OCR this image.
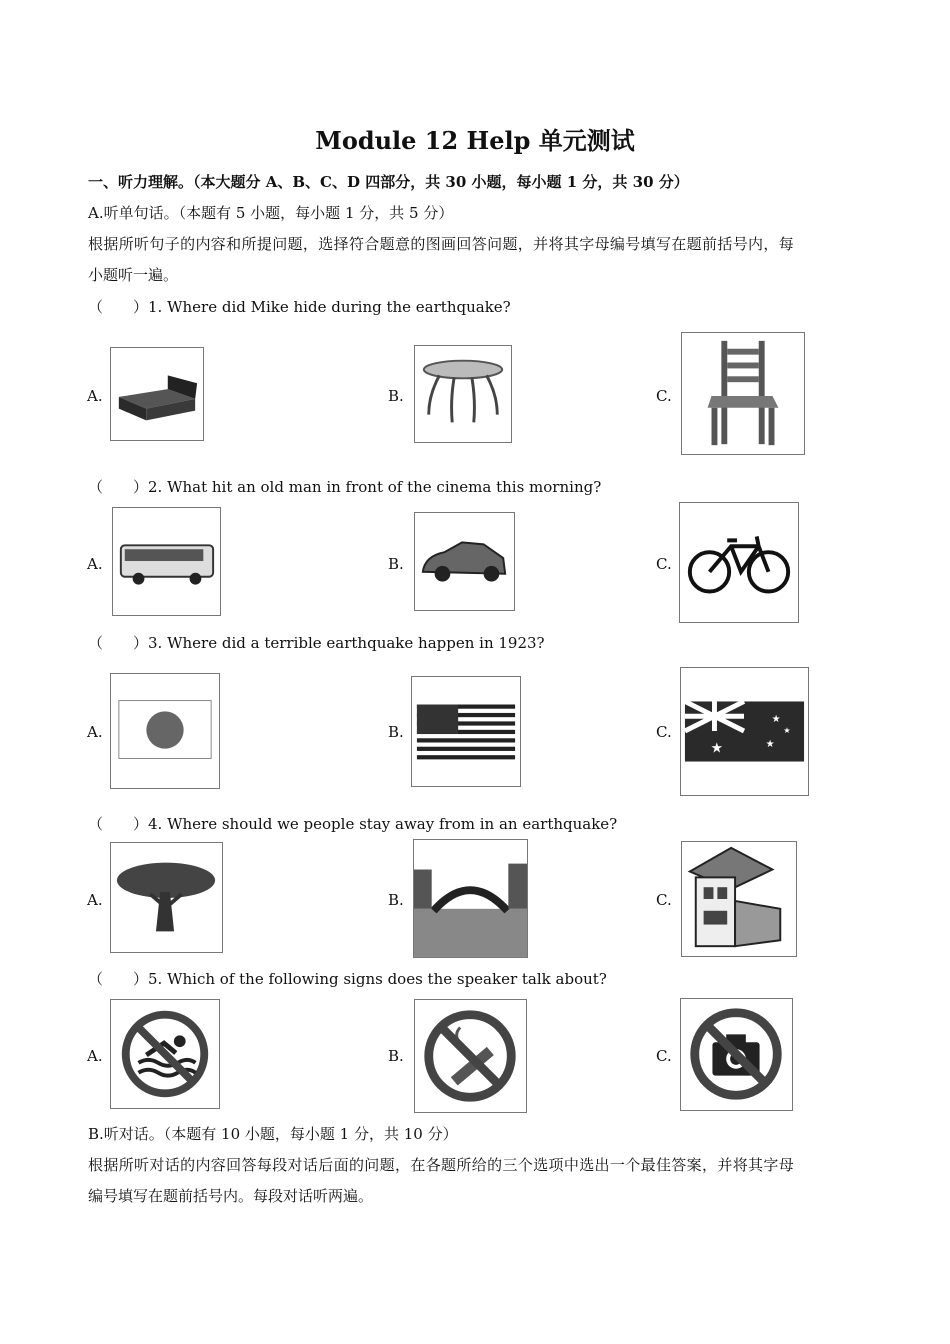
Module 12 Help 单元测试
一、听力理解。（本大题分 A、B、C、D 四部分，共 30 小题，每小题 1 分，共 30 分）
A.听单句话。（本题有 5 小题，每小题 1 分，共 5 分）
根据所听句子的内容和所提问题，选择符合题意的图画回答问题，并将其字母编号填写在题前括号内，每
小题听一遍。
（　　）1. Where did Mike hide during the earthquake?
A.	B.	C.
（　　）2. What hit an old man in front of the cinema this morning?
A.	B.	C.
（　　）3. Where did a terrible earthquake happen in 1923?
A.	B.	C.
★
★
★
★
（　　）4. Where should we people stay away from in an earthquake?
A.	B.	C.
（　　）5. Which of the following signs does the speaker talk about?
A.	B.	C.
B.听对话。（本题有 10 小题，每小题 1 分，共 10 分）
根据所听对话的内容回答每段对话后面的问题，在各题所给的三个选项中选出一个最佳答案，并将其字母
编号填写在题前括号内。每段对话听两遍。
